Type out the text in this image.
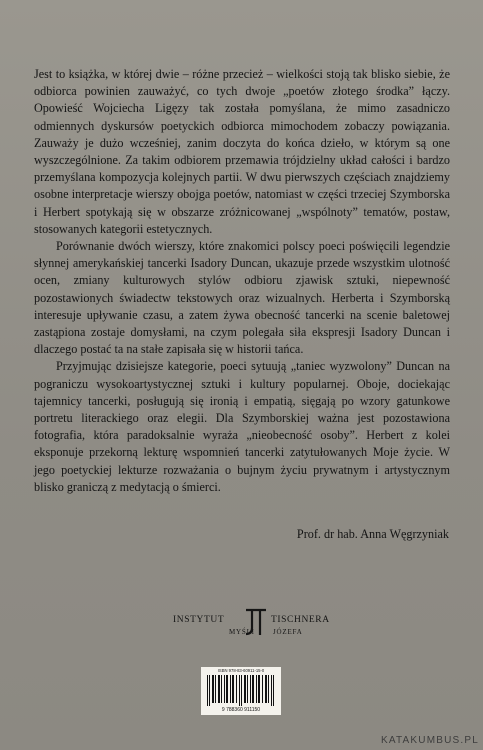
Jest to książka, w której dwie – różne przecież – wielkości stoją tak blisko siebie, że odbiorca powinien zauważyć, co tych dwoje „poetów złotego środka” łączy. Opowieść Wojciecha Ligęzy tak została pomyślana, że mimo zasadniczo odmiennych dyskursów poetyckich odbiorca mimochodem zobaczy powiązania. Zauważy je dużo wcześniej, zanim doczyta do końca dzieło, w którym są one wyszczególnione. Za takim odbiorem przemawia trójdzielny układ całości i bardzo przemyślana kompozycja kolejnych partii. W dwu pierwszych częściach znajdziemy osobne interpretacje wierszy obojga poetów, natomiast w części trzeciej Szymborska i Herbert spotykają się w obszarze zróżnicowanej „wspólnoty” tematów, postaw, stosowanych kategorii estetycznych.

Porównanie dwóch wierszy, które znakomici polscy poeci poświęcili legendzie słynnej amerykańskiej tancerki Isadory Duncan, ukazuje przede wszystkim ulotność ocen, zmiany kulturowych stylów odbioru zjawisk sztuki, niepewność pozostawionych świadectw tekstowych oraz wizualnych. Herberta i Szymborską interesuje upływanie czasu, a zatem żywa obecność tancerki na scenie baletowej zastąpiona zostaje domysłami, na czym polegała siła ekspresji Isadory Duncan i dlaczego postać ta na stałe zapisała się w historii tańca.

Przyjmując dzisiejsze kategorie, poeci sytuują „taniec wyzwolony” Duncan na pograniczu wysokoartystycznej sztuki i kultury popularnej. Oboje, dociekając tajemnicy tancerki, posługują się ironią i empatią, sięgają po wzory gatunkowe portretu literackiego oraz elegii. Dla Szymborskiej ważna jest pozostawiona fotografia, która paradoksalnie wyraża „nieobecność osoby”. Herbert z kolei eksponuje przekorną lekturę wspomnień tancerki zatytułowanych Moje życie. W jego poetyckiej lekturze rozważania o bujnym życiu prywatnym i artystycznym blisko graniczą z medytacją o śmierci.

Prof. dr hab. Anna Węgrzyniak
INSTYTUT	TISCHNERA
MYŚLI	JÓZEFA
ISBN 978-83-60911-15-0
9 788360 911150
KATAKUMBUS.PL
